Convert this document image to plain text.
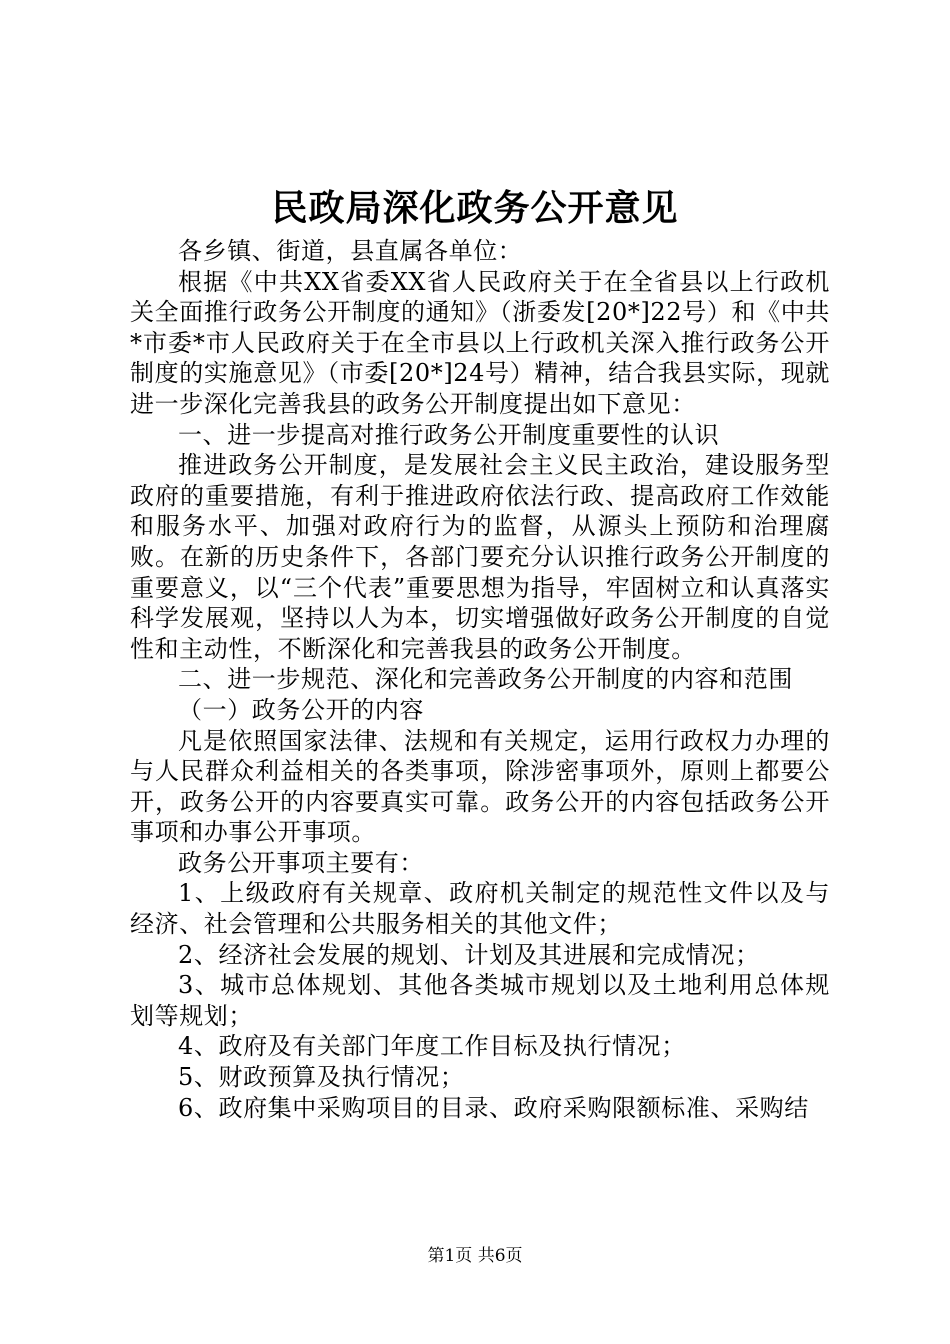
民政局深化政务公开意见

各乡镇、街道，县直属各单位：

根据《中共XX省委XX省人民政府关于在全省县以上行政机关全面推行政务公开制度的通知》（浙委发[20*]22号）和《中共*市委*市人民政府关于在全市县以上行政机关深入推行政务公开制度的实施意见》（市委[20*]24号）精神，结合我县实际，现就进一步深化完善我县的政务公开制度提出如下意见：

一、进一步提高对推行政务公开制度重要性的认识

推进政务公开制度，是发展社会主义民主政治，建设服务型政府的重要措施，有利于推进政府依法行政、提高政府工作效能和服务水平、加强对政府行为的监督，从源头上预防和治理腐败。在新的历史条件下，各部门要充分认识推行政务公开制度的重要意义，以“三个代表”重要思想为指导，牢固树立和认真落实科学发展观，坚持以人为本，切实增强做好政务公开制度的自觉性和主动性，不断深化和完善我县的政务公开制度。

二、进一步规范、深化和完善政务公开制度的内容和范围

（一）政务公开的内容

凡是依照国家法律、法规和有关规定，运用行政权力办理的与人民群众利益相关的各类事项，除涉密事项外，原则上都要公开，政务公开的内容要真实可靠。政务公开的内容包括政务公开事项和办事公开事项。

政务公开事项主要有：

1、上级政府有关规章、政府机关制定的规范性文件以及与经济、社会管理和公共服务相关的其他文件；

2、经济社会发展的规划、计划及其进展和完成情况；

3、城市总体规划、其他各类城市规划以及土地利用总体规划等规划；

4、政府及有关部门年度工作目标及执行情况；

5、财政预算及执行情况；

6、政府集中采购项目的目录、政府采购限额标准、采购结

第1页 共6页
